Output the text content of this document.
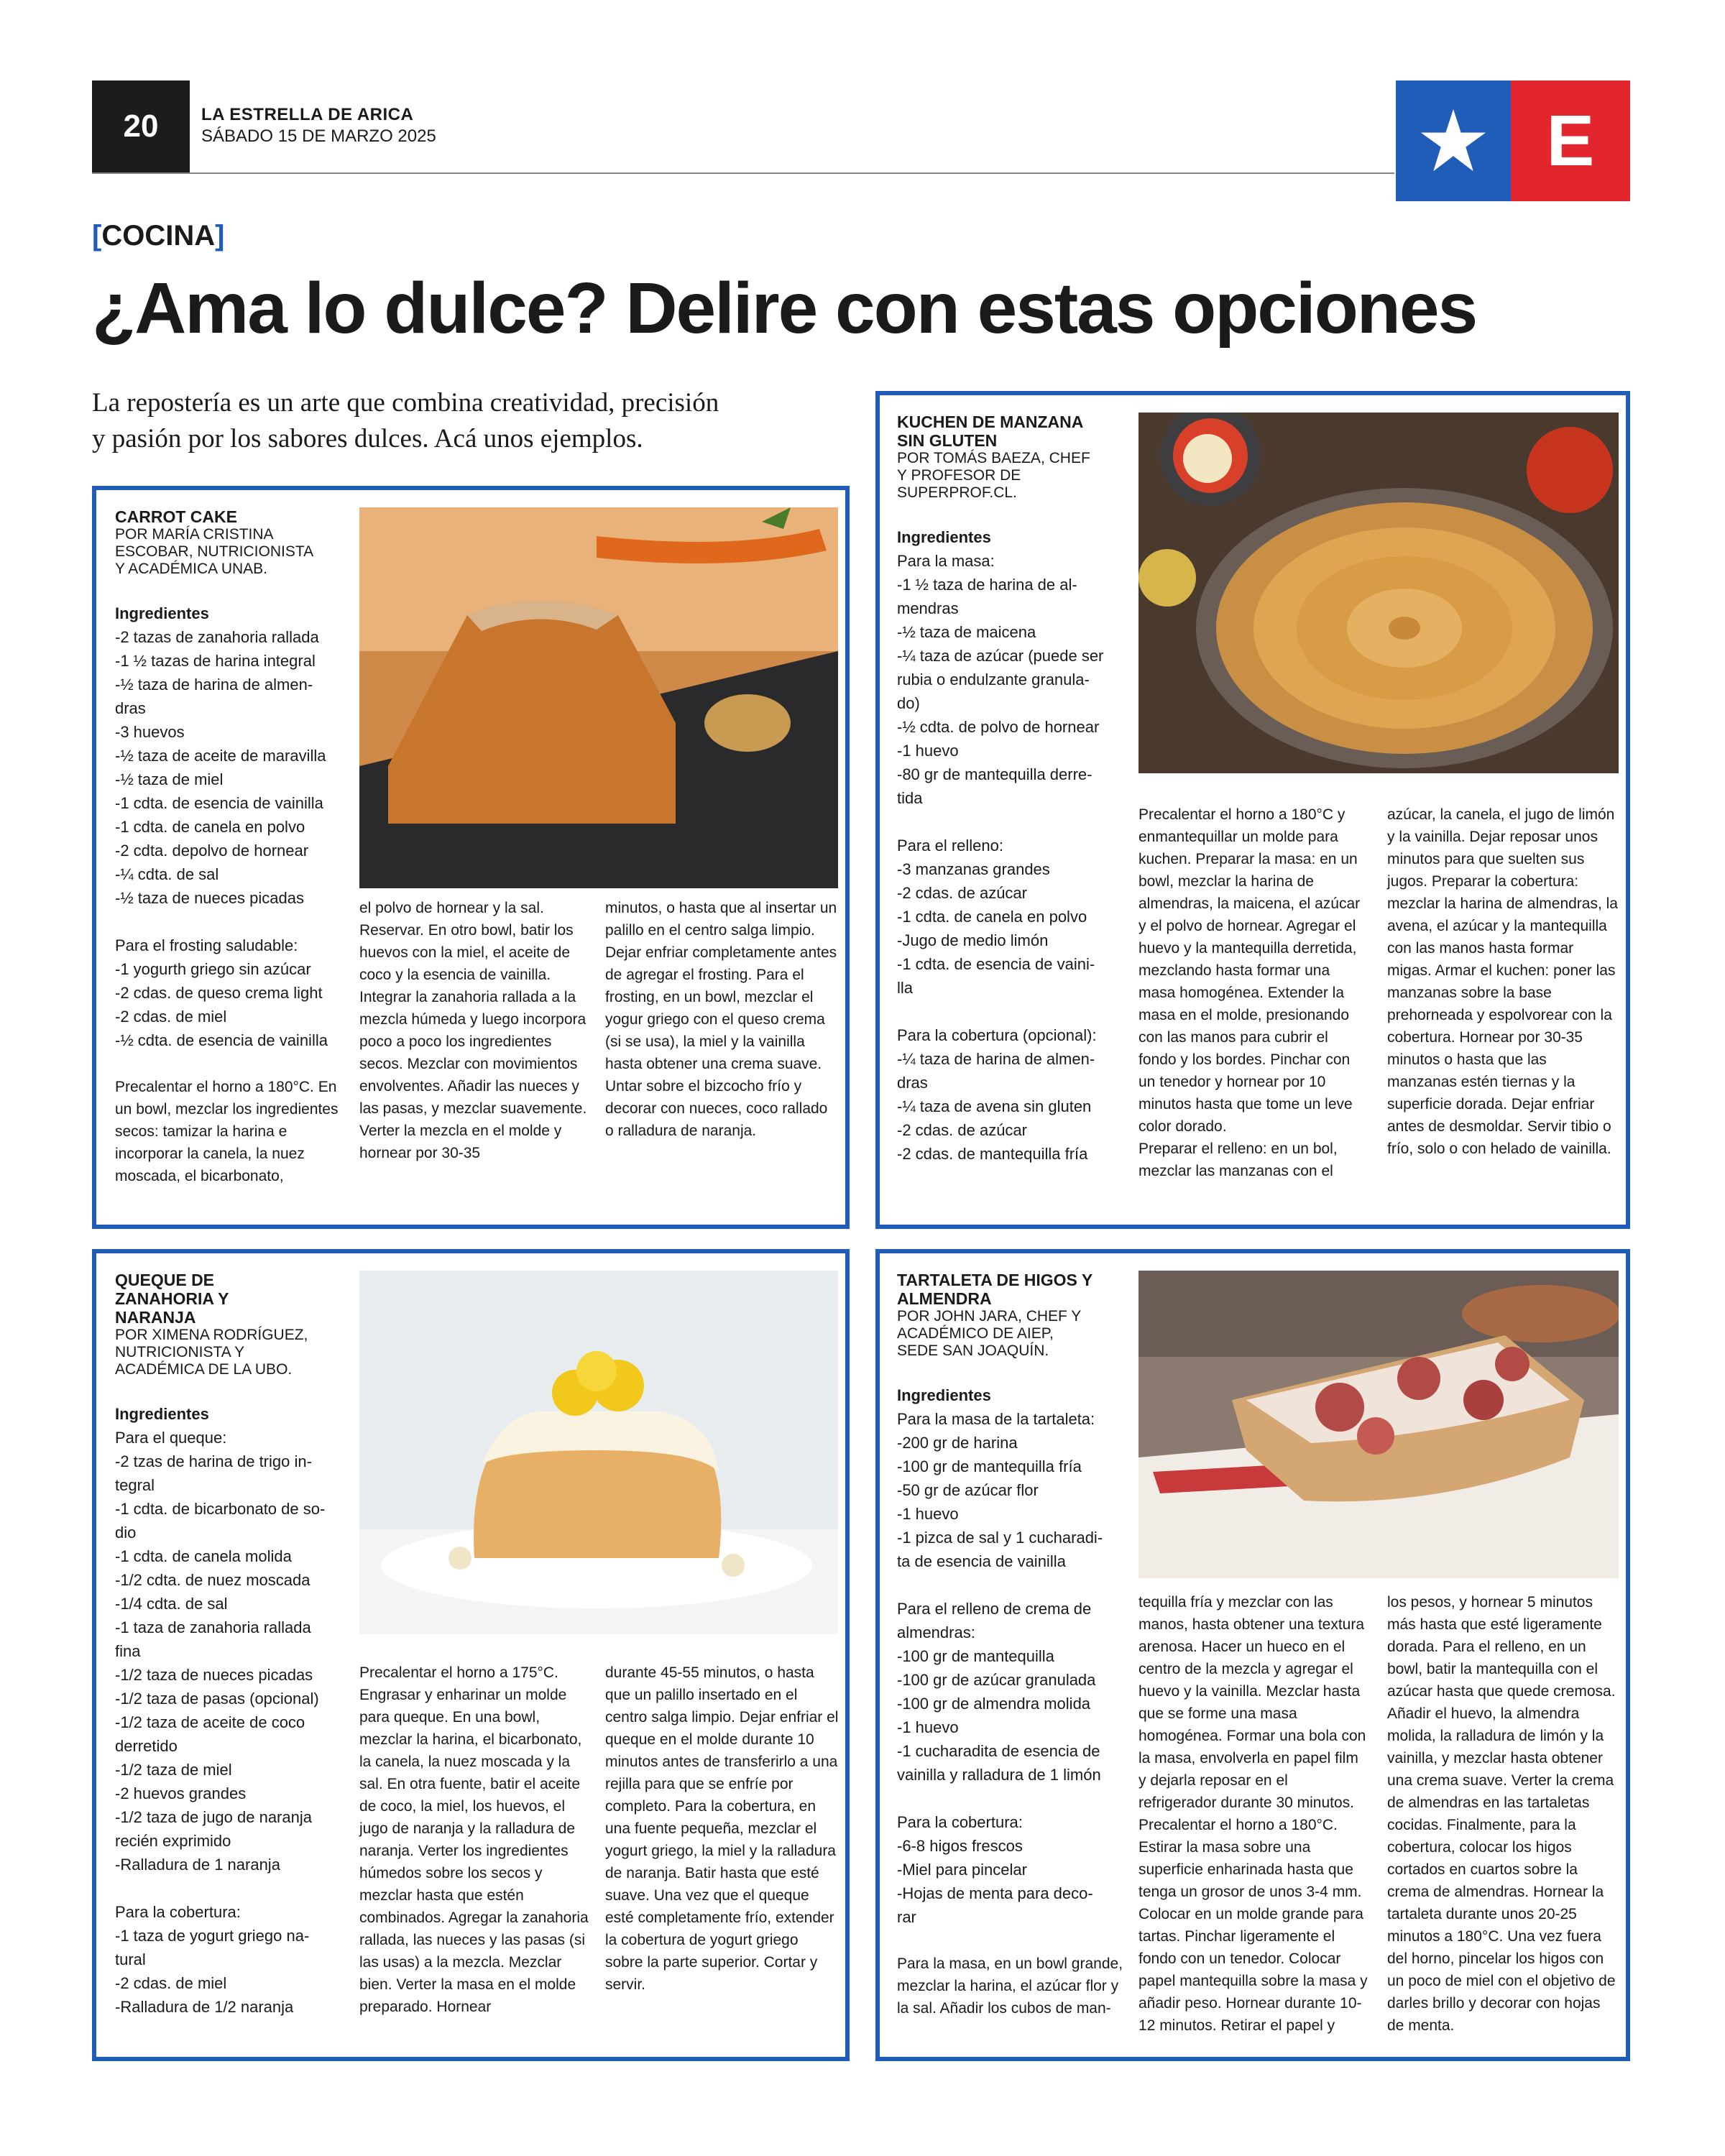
20	LA ESTRELLA DE ARICA
SÁBADO 15 DE MARZO 2025	E
[COCINA]
¿Ama lo dulce? Delire con estas opciones
La repostería es un arte que combina creatividad, precisión
y pasión por los sabores dulces. Acá unos ejemplos.
CARROT CAKE
POR MARÍA CRISTINA
ESCOBAR, NUTRICIONISTA
Y ACADÉMICA UNAB.

Ingredientes

-2 tazas de zanahoria rallada

-1 ½ tazas de harina integral

-½ taza de harina de almen-

dras

-3 huevos

-½ taza de aceite de maravilla

-½ taza de miel

-1 cdta. de esencia de vainilla

-1 cdta. de canela en polvo

-2 cdta. depolvo de hornear

-¼ cdta. de sal

-½ taza de nueces picadas

Para el frosting saludable:

-1 yogurth griego sin azúcar

-2 cdas. de queso crema light

-2 cdas. de miel

-½ cdta. de esencia de vainilla

Precalentar el horno a 180°C. En un bowl, mezclar los ingredientes secos: tamizar la harina e incorporar la canela, la nuez moscada, el bicarbonato,

el polvo de hornear y la sal. Reservar. En otro bowl, batir los huevos con la miel, el aceite de coco y la esencia de vainilla. Integrar la zanahoria rallada a la mezcla húmeda y luego incorpora poco a poco los ingredientes secos. Mezclar con movimientos envolventes. Añadir las nueces y las pasas, y mezclar suavemente. Verter la mezcla en el molde y hornear por 30-35

minutos, o hasta que al insertar un palillo en el centro salga limpio. Dejar enfriar completamente antes de agregar el frosting. Para el frosting, en un bowl, mezclar el yogur griego con el queso crema (si se usa), la miel y la vainilla hasta obtener una crema suave. Untar sobre el bizcocho frío y decorar con nueces, coco rallado o ralladura de naranja.

KUCHEN DE MANZANA
SIN GLUTEN
POR TOMÁS BAEZA, CHEF
Y PROFESOR DE
SUPERPROF.CL.

Ingredientes

Para la masa:

-1 ½ taza de harina de al-

mendras

-½ taza de maicena

-¼ taza de azúcar (puede ser

rubia o endulzante granula-

do)

-½ cdta. de polvo de hornear

-1 huevo

-80 gr de mantequilla derre-

tida

Para el relleno:

-3 manzanas grandes

-2 cdas. de azúcar

-1 cdta. de canela en polvo

-Jugo de medio limón

-1 cdta. de esencia de vaini-

lla

Para la cobertura (opcional):

-¼ taza de harina de almen-

dras

-¼ taza de avena sin gluten

-2 cdas. de azúcar

-2 cdas. de mantequilla fría

Precalentar el horno a 180°C y enmantequillar un molde para kuchen. Preparar la masa: en un bowl, mezclar la harina de almendras, la maicena, el azúcar y el polvo de hornear. Agregar el huevo y la mantequilla derretida, mezclando hasta formar una masa homogénea. Extender la masa en el molde, presionando con las manos para cubrir el fondo y los bordes. Pinchar con un tenedor y hornear por 10 minutos hasta que tome un leve color dorado.

Preparar el relleno: en un bol, mezclar las manzanas con el

azúcar, la canela, el jugo de limón y la vainilla. Dejar reposar unos minutos para que suelten sus jugos. Preparar la cobertura: mezclar la harina de almendras, la avena, el azúcar y la mantequilla con las manos hasta formar migas. Armar el kuchen: poner las manzanas sobre la base prehorneada y espolvorear con la cobertura. Hornear por 30-35 minutos o hasta que las manzanas estén tiernas y la superficie dorada. Dejar enfriar antes de desmoldar. Servir tibio o frío, solo o con helado de vainilla.

QUEQUE DE
ZANAHORIA Y
NARANJA
POR XIMENA RODRÍGUEZ,
NUTRICIONISTA Y
ACADÉMICA DE LA UBO.

Ingredientes

Para el queque:

-2 tzas de harina de trigo in-

tegral

-1 cdta. de bicarbonato de so-

dio

-1 cdta. de canela molida

-1/2 cdta. de nuez moscada

-1/4 cdta. de sal

-1 taza de zanahoria rallada

fina

-1/2 taza de nueces picadas

-1/2 taza de pasas (opcional)

-1/2 taza de aceite de coco

derretido

-1/2 taza de miel

-2 huevos grandes

-1/2 taza de jugo de naranja

recién exprimido

-Ralladura de 1 naranja

Para la cobertura:

-1 taza de yogurt griego na-

tural

-2 cdas. de miel

-Ralladura de 1/2 naranja

Precalentar el horno a 175°C. Engrasar y enharinar un molde para queque. En una bowl, mezclar la harina, el bicarbonato, la canela, la nuez moscada y la sal. En otra fuente, batir el aceite de coco, la miel, los huevos, el jugo de naranja y la ralladura de naranja. Verter los ingredientes húmedos sobre los secos y mezclar hasta que estén combinados. Agregar la zanahoria rallada, las nueces y las pasas (si las usas) a la mezcla. Mezclar bien. Verter la masa en el molde preparado. Hornear

durante 45-55 minutos, o hasta que un palillo insertado en el centro salga limpio. Dejar enfriar el queque en el molde durante 10 minutos antes de transferirlo a una rejilla para que se enfríe por completo. Para la cobertura, en una fuente pequeña, mezclar el yogurt griego, la miel y la ralladura de naranja. Batir hasta que esté suave. Una vez que el queque esté completamente frío, extender la cobertura de yogurt griego sobre la parte superior. Cortar y servir.

TARTALETA DE HIGOS Y
ALMENDRA
POR JOHN JARA, CHEF Y
ACADÉMICO DE AIEP,
SEDE SAN JOAQUÍN.

Ingredientes

Para la masa de la tartaleta:

-200 gr de harina

-100 gr de mantequilla fría

-50 gr de azúcar flor

-1 huevo

-1 pizca de sal y 1 cucharadi-

ta de esencia de vainilla

Para el relleno de crema de

almendras:

-100 gr de mantequilla

-100 gr de azúcar granulada

-100 gr de almendra molida

-1 huevo

-1 cucharadita de esencia de

vainilla y ralladura de 1 limón

Para la cobertura:

-6-8 higos frescos

-Miel para pincelar

-Hojas de menta para deco-

rar

Para la masa, en un bowl grande, mezclar la harina, el azúcar flor y la sal. Añadir los cubos de man-

tequilla fría y mezclar con las manos, hasta obtener una textura arenosa. Hacer un hueco en el centro de la mezcla y agregar el huevo y la vainilla. Mezclar hasta que se forme una masa homogénea. Formar una bola con la masa, envolverla en papel film y dejarla reposar en el refrigerador durante 30 minutos. Precalentar el horno a 180°C. Estirar la masa sobre una superficie enharinada hasta que tenga un grosor de unos 3-4 mm. Colocar en un molde grande para tartas. Pinchar ligeramente el fondo con un tenedor. Colocar papel mantequilla sobre la masa y añadir peso. Hornear durante 10-12 minutos. Retirar el papel y

los pesos, y hornear 5 minutos más hasta que esté ligeramente dorada. Para el relleno, en un bowl, batir la mantequilla con el azúcar hasta que quede cremosa. Añadir el huevo, la almendra molida, la ralladura de limón y la vainilla, y mezclar hasta obtener una crema suave. Verter la crema de almendras en las tartaletas cocidas. Finalmente, para la cobertura, colocar los higos cortados en cuartos sobre la crema de almendras. Hornear la tartaleta durante unos 20-25 minutos a 180°C. Una vez fuera del horno, pincelar los higos con un poco de miel con el objetivo de darles brillo y decorar con hojas de menta.
